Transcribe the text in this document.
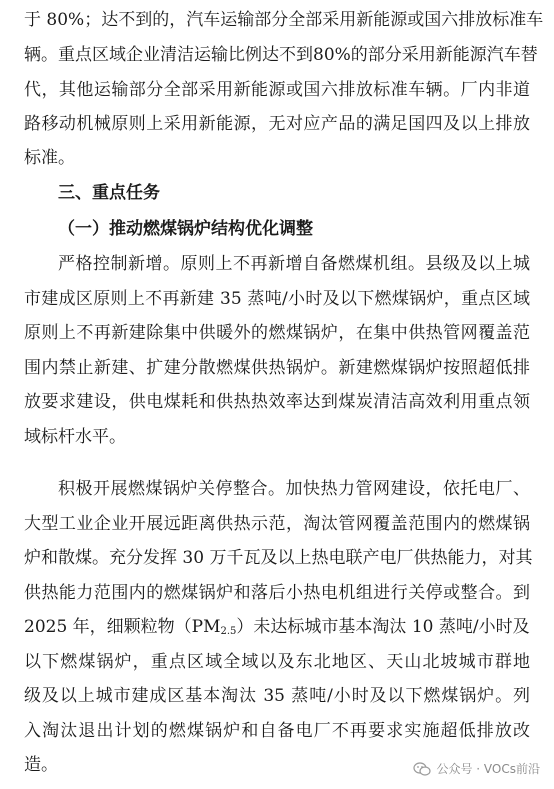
于 80%；达不到的，汽车运输部分全部采用新能源或国六排放标准车
辆。重点区域企业清洁运输比例达不到80%的部分采用新能源汽车替
代，其他运输部分全部采用新能源或国六排放标准车辆。厂内非道
路移动机械原则上采用新能源，无对应产品的满足国四及以上排放
标准。
三、重点任务
（一）推动燃煤锅炉结构优化调整
严格控制新增。原则上不再新增自备燃煤机组。县级及以上城
市建成区原则上不再新建 35 蒸吨/小时及以下燃煤锅炉，重点区域
原则上不再新建除集中供暖外的燃煤锅炉，在集中供热管网覆盖范
围内禁止新建、扩建分散燃煤供热锅炉。新建燃煤锅炉按照超低排
放要求建设，供电煤耗和供热热效率达到煤炭清洁高效利用重点领
域标杆水平。
积极开展燃煤锅炉关停整合。加快热力管网建设，依托电厂、
大型工业企业开展远距离供热示范，淘汰管网覆盖范围内的燃煤锅
炉和散煤。充分发挥 30 万千瓦及以上热电联产电厂供热能力，对其
供热能力范围内的燃煤锅炉和落后小热电机组进行关停或整合。到
2025 年，细颗粒物$(PM_{2.5})$未达标城市基本淘汰 10 蒸吨/小时及
以下燃煤锅炉，重点区域全域以及东北地区、天山北坡城市群地
级及以上城市建成区基本淘汰 35 蒸吨/小时及以下燃煤锅炉。列
入淘汰退出计划的燃煤锅炉和自备电厂不再要求实施超低排放改
造。	公众号 · VOCs前沿
